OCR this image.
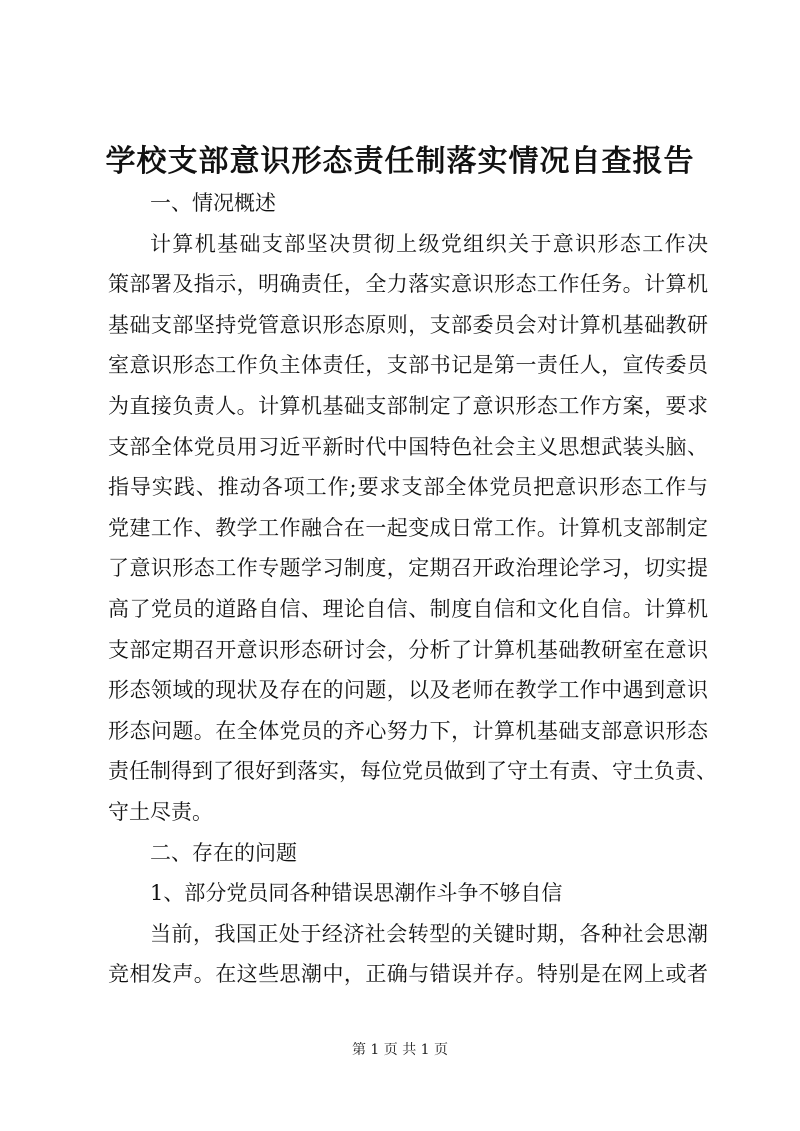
学校支部意识形态责任制落实情况自查报告

一、情况概述

计算机基础支部坚决贯彻上级党组织关于意识形态工作决
策部署及指示，明确责任，全力落实意识形态工作任务。计算机
基础支部坚持党管意识形态原则，支部委员会对计算机基础教研
室意识形态工作负主体责任，支部书记是第一责任人，宣传委员
为直接负责人。计算机基础支部制定了意识形态工作方案，要求
支部全体党员用习近平新时代中国特色社会主义思想武装头脑、
指导实践、推动各项工作;要求支部全体党员把意识形态工作与
党建工作、教学工作融合在一起变成日常工作。计算机支部制定
了意识形态工作专题学习制度，定期召开政治理论学习，切实提
高了党员的道路自信、理论自信、制度自信和文化自信。计算机
支部定期召开意识形态研讨会，分析了计算机基础教研室在意识
形态领域的现状及存在的问题，以及老师在教学工作中遇到意识
形态问题。在全体党员的齐心努力下，计算机基础支部意识形态
责任制得到了很好到落实，每位党员做到了守土有责、守土负责、
守土尽责。

二、存在的问题

1、部分党员同各种错误思潮作斗争不够自信

当前，我国正处于经济社会转型的关键时期，各种社会思潮
竞相发声。在这些思潮中，正确与错误并存。特别是在网上或者
第 1 页 共 1 页
